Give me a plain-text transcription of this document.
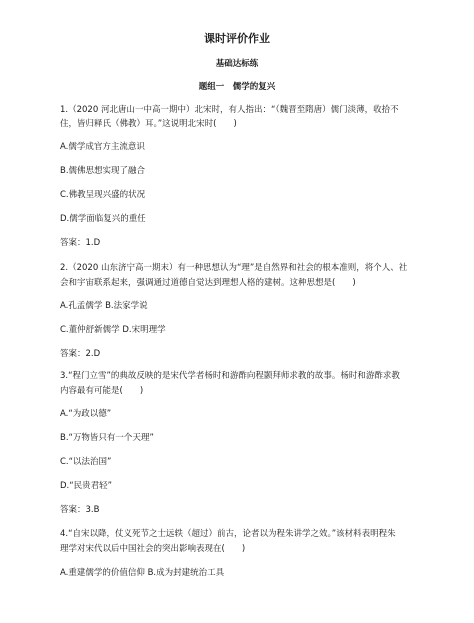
课时评价作业
基础达标练
题组一　儒学的复兴
1.（2020 河北唐山一中高一期中）北宋时，有人指出：“（魏晋至隋唐）儒门淡薄，收拾不
住，皆归释氏（佛教）耳。”这说明北宋时(　　)
A.儒学成官方主流意识
B.儒佛思想实现了融合
C.佛教呈现兴盛的状况
D.儒学面临复兴的重任
答案：1.D
2.（2020 山东济宁高一期末）有一种思想认为“理”是自然界和社会的根本准则，将个人、社
会和宇宙联系起来，强调通过道德自觉达到理想人格的建树。这种思想是(　　)
A.孔孟儒学 B.法家学说
C.董仲舒新儒学 D.宋明理学
答案：2.D
3.“程门立雪”的典故反映的是宋代学者杨时和游酢向程颢拜师求教的故事。杨时和游酢求教
内容最有可能是(　　)
A.“为政以德”
B.“万物皆只有一个天理”
C.“以法治国”
D.“民贵君轻”
答案：3.B
4.“自宋以降，仗义死节之士远轶（超过）前古，论者以为程朱讲学之效。”该材料表明程朱
理学对宋代以后中国社会的突出影响表现在(　　)
A.重建儒学的价值信仰 B.成为封建统治工具
